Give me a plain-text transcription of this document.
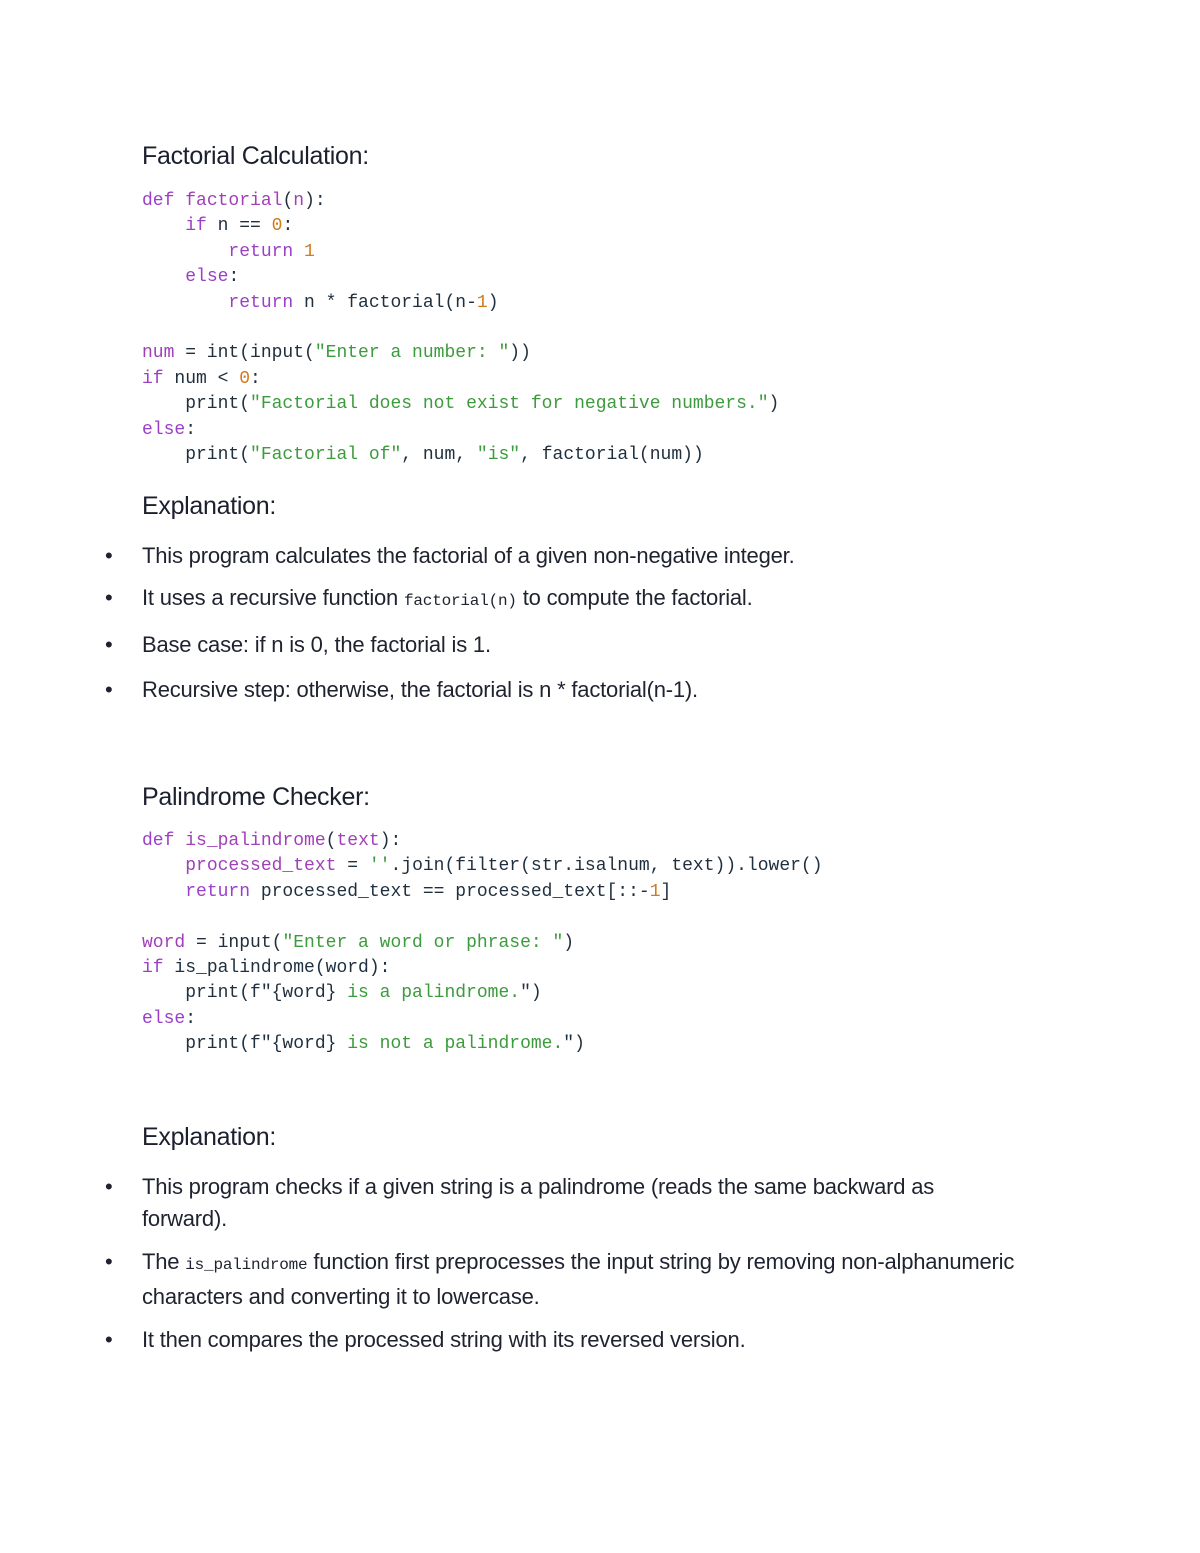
Factorial Calculation:
def factorial(n):
if n == 0:
return 1
else:
return n * factorial(n-1)
num = int(input("Enter a number: "))
if num < 0:
print("Factorial does not exist for negative numbers.")
else:
print("Factorial of", num, "is", factorial(num))
Explanation:
• This program calculates the factorial of a given non-negative integer.
• It uses a recursive function factorial(n) to compute the factorial.
• Base case: if n is 0, the factorial is 1.
• Recursive step: otherwise, the factorial is n * factorial(n-1).
Palindrome Checker:
def is_palindrome(text):
processed_text = ''.join(filter(str.isalnum, text)).lower()
return processed_text == processed_text[::-1]
word = input("Enter a word or phrase: ")
if is_palindrome(word):
print(f"{word} is a palindrome.")
else:
print(f"{word} is not a palindrome.")
Explanation:
• This program checks if a given string is a palindrome (reads the same backward as forward).
• The is_palindrome function first preprocesses the input string by removing non-alphanumeric characters and converting it to lowercase.
• It then compares the processed string with its reversed version.
